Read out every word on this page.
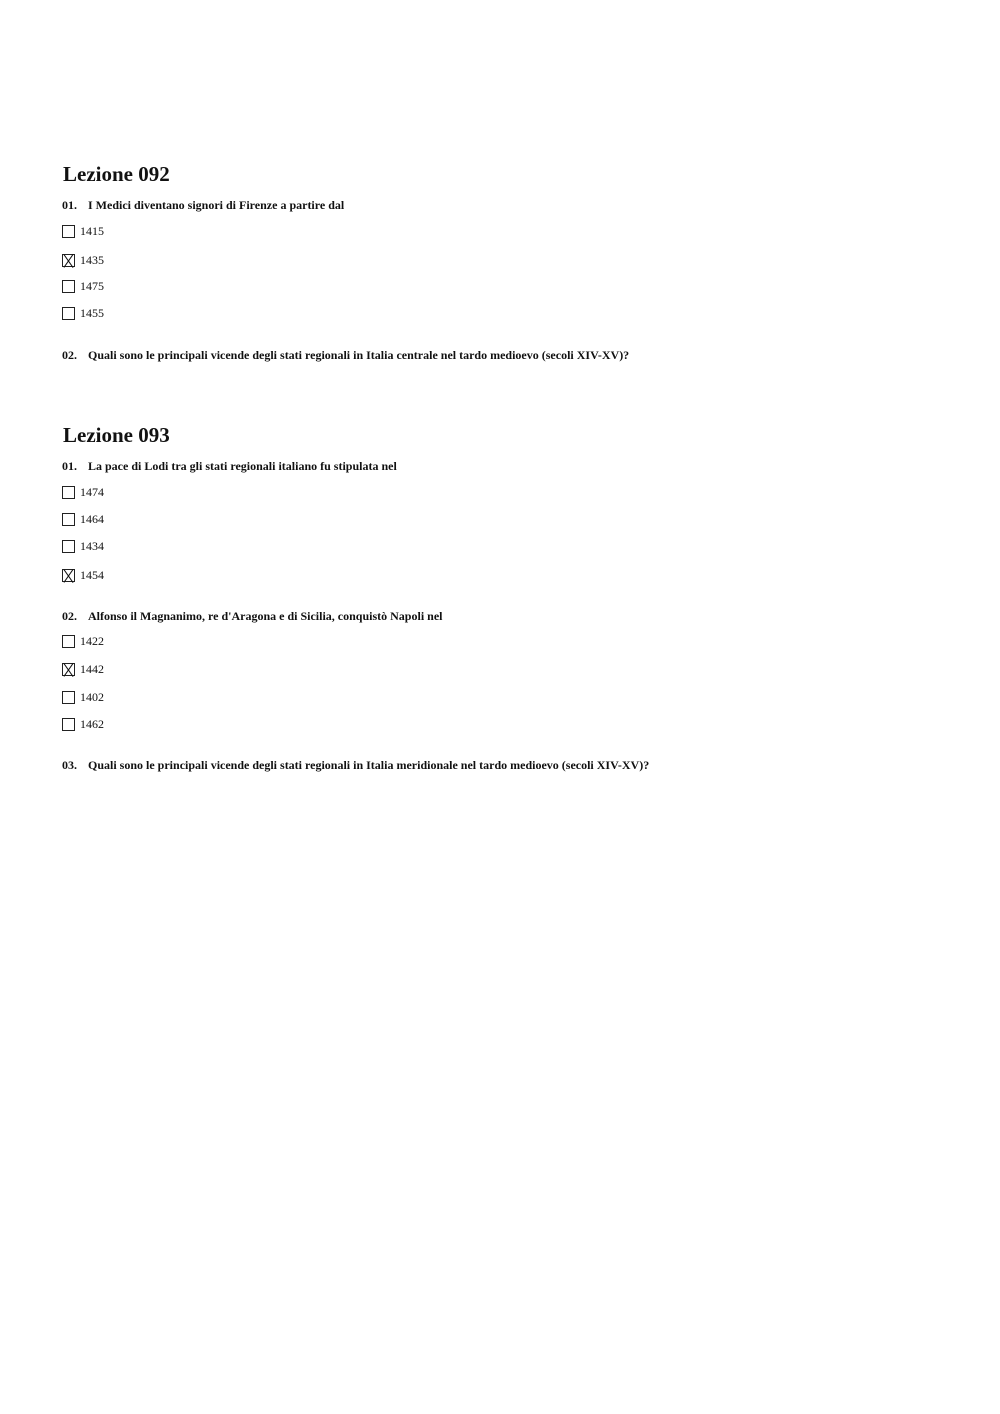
Lezione 092
01. I Medici diventano signori di Firenze a partire dal
1415
1435
1475
1455
02. Quali sono le principali vicende degli stati regionali in Italia centrale nel tardo medioevo (secoli XIV-XV)?
Lezione 093
01. La pace di Lodi tra gli stati regionali italiano fu stipulata nel
1474
1464
1434
1454
02. Alfonso il Magnanimo, re d'Aragona e di Sicilia, conquistò Napoli nel
1422
1442
1402
1462
03. Quali sono le principali vicende degli stati regionali in Italia meridionale nel tardo medioevo (secoli XIV-XV)?
